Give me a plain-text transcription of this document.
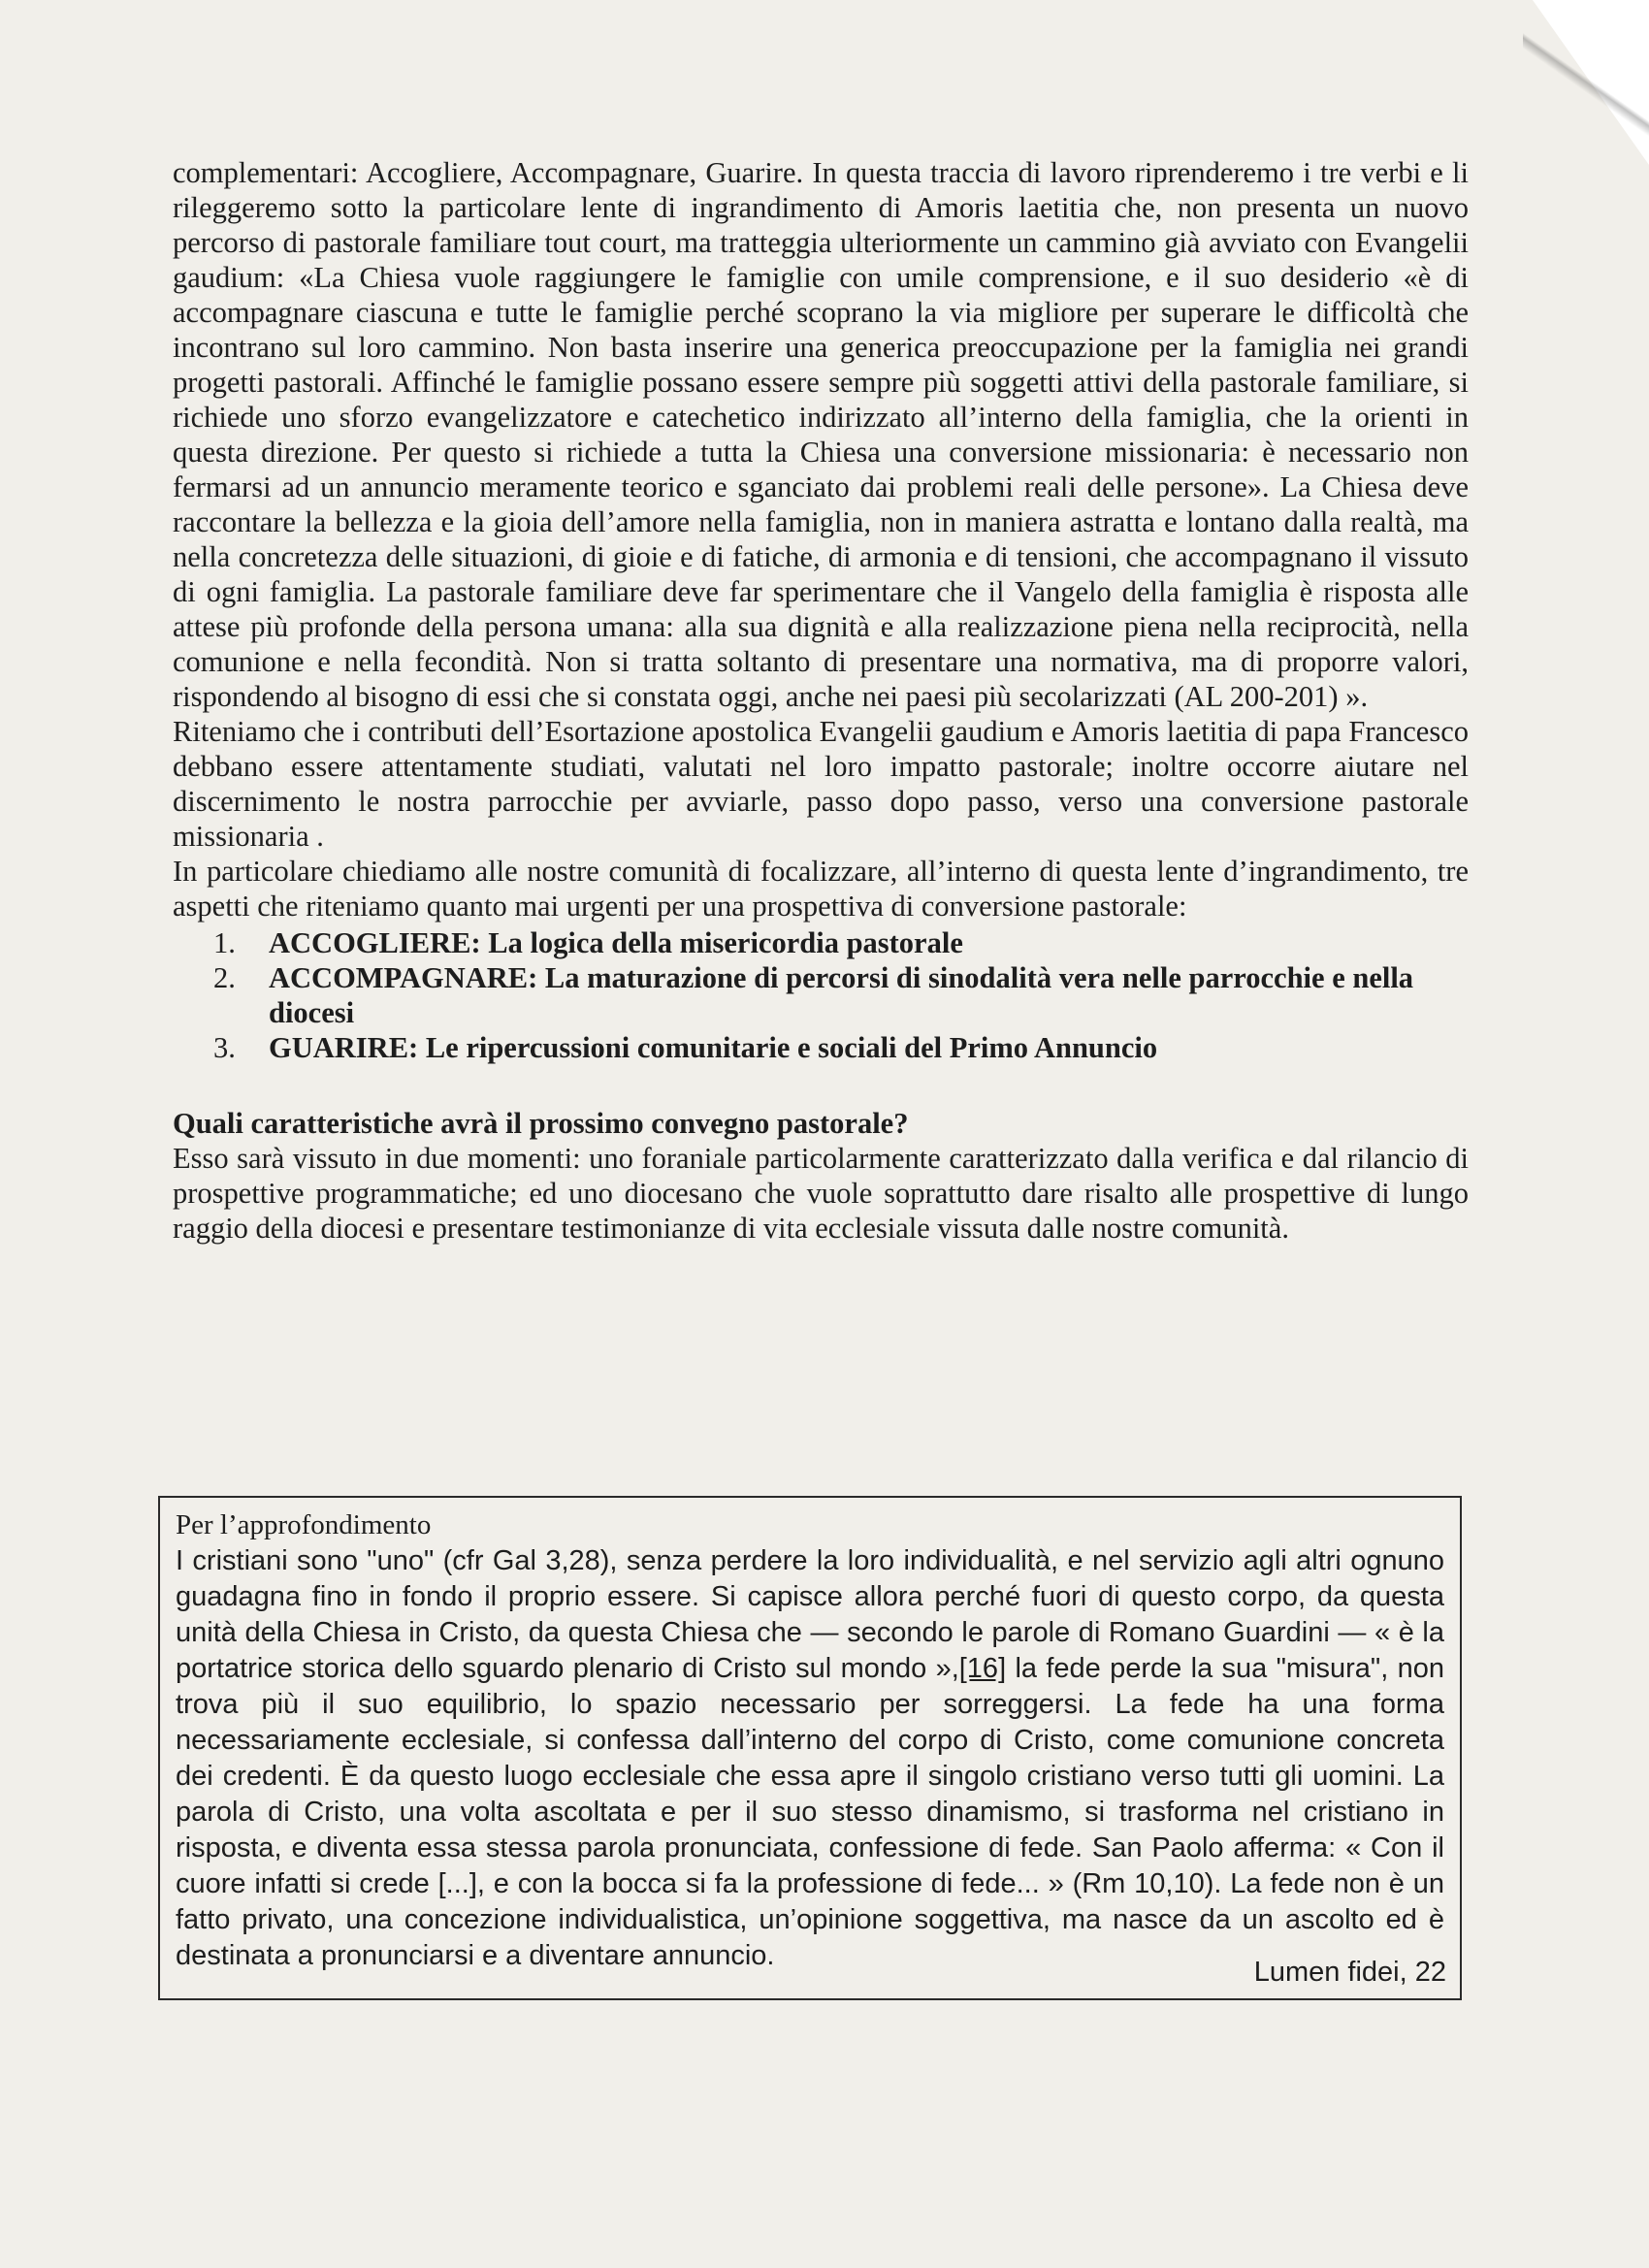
complementari: Accogliere, Accompagnare, Guarire. In questa traccia di lavoro riprenderemo i tre verbi e li rileggeremo sotto la particolare lente di ingrandimento di Amoris laetitia che, non presenta un nuovo percorso di pastorale familiare tout court, ma tratteggia ulteriormente un cammino già avviato con Evangelii gaudium: «La Chiesa vuole raggiungere le famiglie con umile comprensione, e il suo desiderio «è di accompagnare ciascuna e tutte le famiglie perché scoprano la via migliore per superare le difficoltà che incontrano sul loro cammino. Non basta inserire una generica preoccupazione per la famiglia nei grandi progetti pastorali. Affinché le famiglie possano essere sempre più soggetti attivi della pastorale familiare, si richiede uno sforzo evangelizzatore e catechetico indirizzato all’interno della famiglia, che la orienti in questa direzione. Per questo si richiede a tutta la Chiesa una conversione missionaria: è necessario non fermarsi ad un annuncio meramente teorico e sganciato dai problemi reali delle persone». La Chiesa deve raccontare la bellezza e la gioia dell’amore nella famiglia, non in maniera astratta e lontano dalla realtà, ma nella concretezza delle situazioni, di gioie e di fatiche, di armonia e di tensioni, che accompagnano il vissuto di ogni famiglia. La pastorale familiare deve far sperimentare che il Vangelo della famiglia è risposta alle attese più profonde della persona umana: alla sua dignità e alla realizzazione piena nella reciprocità, nella comunione e nella fecondità. Non si tratta soltanto di presentare una normativa, ma di proporre valori, rispondendo al bisogno di essi che si constata oggi, anche nei paesi più secolarizzati (AL 200-201) ».

Riteniamo che i contributi dell’Esortazione apostolica Evangelii gaudium e Amoris laetitia di papa Francesco debbano essere attentamente studiati, valutati nel loro impatto pastorale; inoltre occorre aiutare nel discernimento le nostra parrocchie per avviarle, passo dopo passo, verso una conversione pastorale missionaria .

In particolare chiediamo alle nostre comunità di focalizzare, all’interno di questa lente d’ingrandimento, tre aspetti che riteniamo quanto mai urgenti per una prospettiva di conversione pastorale:

1. ACCOGLIERE: La logica della misericordia pastorale
2. ACCOMPAGNARE: La maturazione di percorsi di sinodalità vera nelle parrocchie e nella diocesi
3. GUARIRE: Le ripercussioni comunitarie e sociali del Primo Annuncio
Quali caratteristiche avrà il prossimo convegno pastorale?

Esso sarà vissuto in due momenti: uno foraniale particolarmente caratterizzato dalla verifica e dal rilancio di prospettive programmatiche; ed uno diocesano che vuole soprattutto dare risalto alle prospettive di lungo raggio della diocesi e presentare testimonianze di vita ecclesiale vissuta dalle nostre comunità.

Per l’approfondimento
I cristiani sono "uno" (cfr Gal 3,28), senza perdere la loro individualità, e nel servizio agli altri ognuno guadagna fino in fondo il proprio essere. Si capisce allora perché fuori di questo corpo, da questa unità della Chiesa in Cristo, da questa Chiesa che — secondo le parole di Romano Guardini — « è la portatrice storica dello sguardo plenario di Cristo sul mondo »,[16] la fede perde la sua "misura", non trova più il suo equilibrio, lo spazio necessario per sorreggersi. La fede ha una forma necessariamente ecclesiale, si confessa dall’interno del corpo di Cristo, come comunione concreta dei credenti. È da questo luogo ecclesiale che essa apre il singolo cristiano verso tutti gli uomini. La parola di Cristo, una volta ascoltata e per il suo stesso dinamismo, si trasforma nel cristiano in risposta, e diventa essa stessa parola pronunciata, confessione di fede. San Paolo afferma: « Con il cuore infatti si crede [...], e con la bocca si fa la professione di fede... » (Rm 10,10). La fede non è un fatto privato, una concezione individualistica, un’opinione soggettiva, ma nasce da un ascolto ed è destinata a pronunciarsi e a diventare annuncio.
Lumen fidei, 22
